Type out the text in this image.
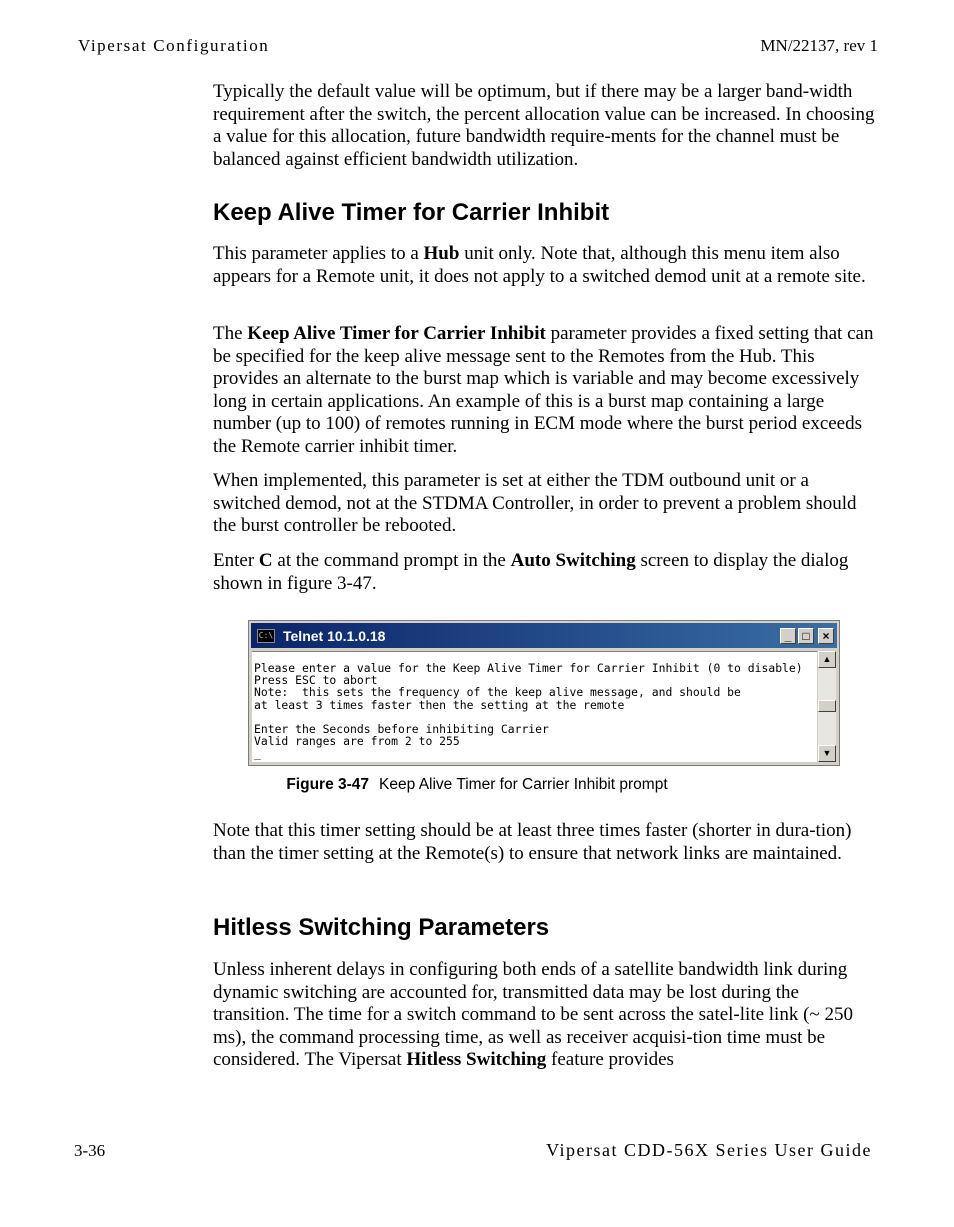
Vipersat Configuration	MN/22137, rev 1

Typically the default value will be optimum, but if there may be a larger band-width requirement after the switch, the percent allocation value can be increased. In choosing a value for this allocation, future bandwidth require-ments for the channel must be balanced against efficient bandwidth utilization.

Keep Alive Timer for Carrier Inhibit

This parameter applies to a Hub unit only. Note that, although this menu item also appears for a Remote unit, it does not apply to a switched demod unit at a remote site.

The Keep Alive Timer for Carrier Inhibit parameter provides a fixed setting that can be specified for the keep alive message sent to the Remotes from the Hub. This provides an alternate to the burst map which is variable and may become excessively long in certain applications. An example of this is a burst map containing a large number (up to 100) of remotes running in ECM mode where the burst period exceeds the Remote carrier inhibit timer.

When implemented, this parameter is set at either the TDM outbound unit or a switched demod, not at the STDMA Controller, in order to prevent a problem should the burst controller be rebooted.

Enter C at the command prompt in the Auto Switching screen to display the dialog shown in figure 3-47.

C:\ Telnet 10.1.0.18	_ □	×
Please enter a value for the Keep Alive Timer for Carrier Inhibit (0 to disable)
Press ESC to abort
Note:  this sets the frequency of the keep alive message, and should be
at least 3 times faster then the setting at the remote

Enter the Seconds before inhibiting Carrier
Valid ranges are from 2 to 255
_
▲
▼
Figure 3-47 Keep Alive Timer for Carrier Inhibit prompt

Note that this timer setting should be at least three times faster (shorter in dura-tion) than the timer setting at the Remote(s) to ensure that network links are maintained.

Hitless Switching Parameters

Unless inherent delays in configuring both ends of a satellite bandwidth link during dynamic switching are accounted for, transmitted data may be lost during the transition. The time for a switch command to be sent across the satel-lite link (~ 250 ms), the command processing time, as well as receiver acquisi-tion time must be considered. The Vipersat Hitless Switching feature provides

3-36	Vipersat CDD-56X Series User Guide
